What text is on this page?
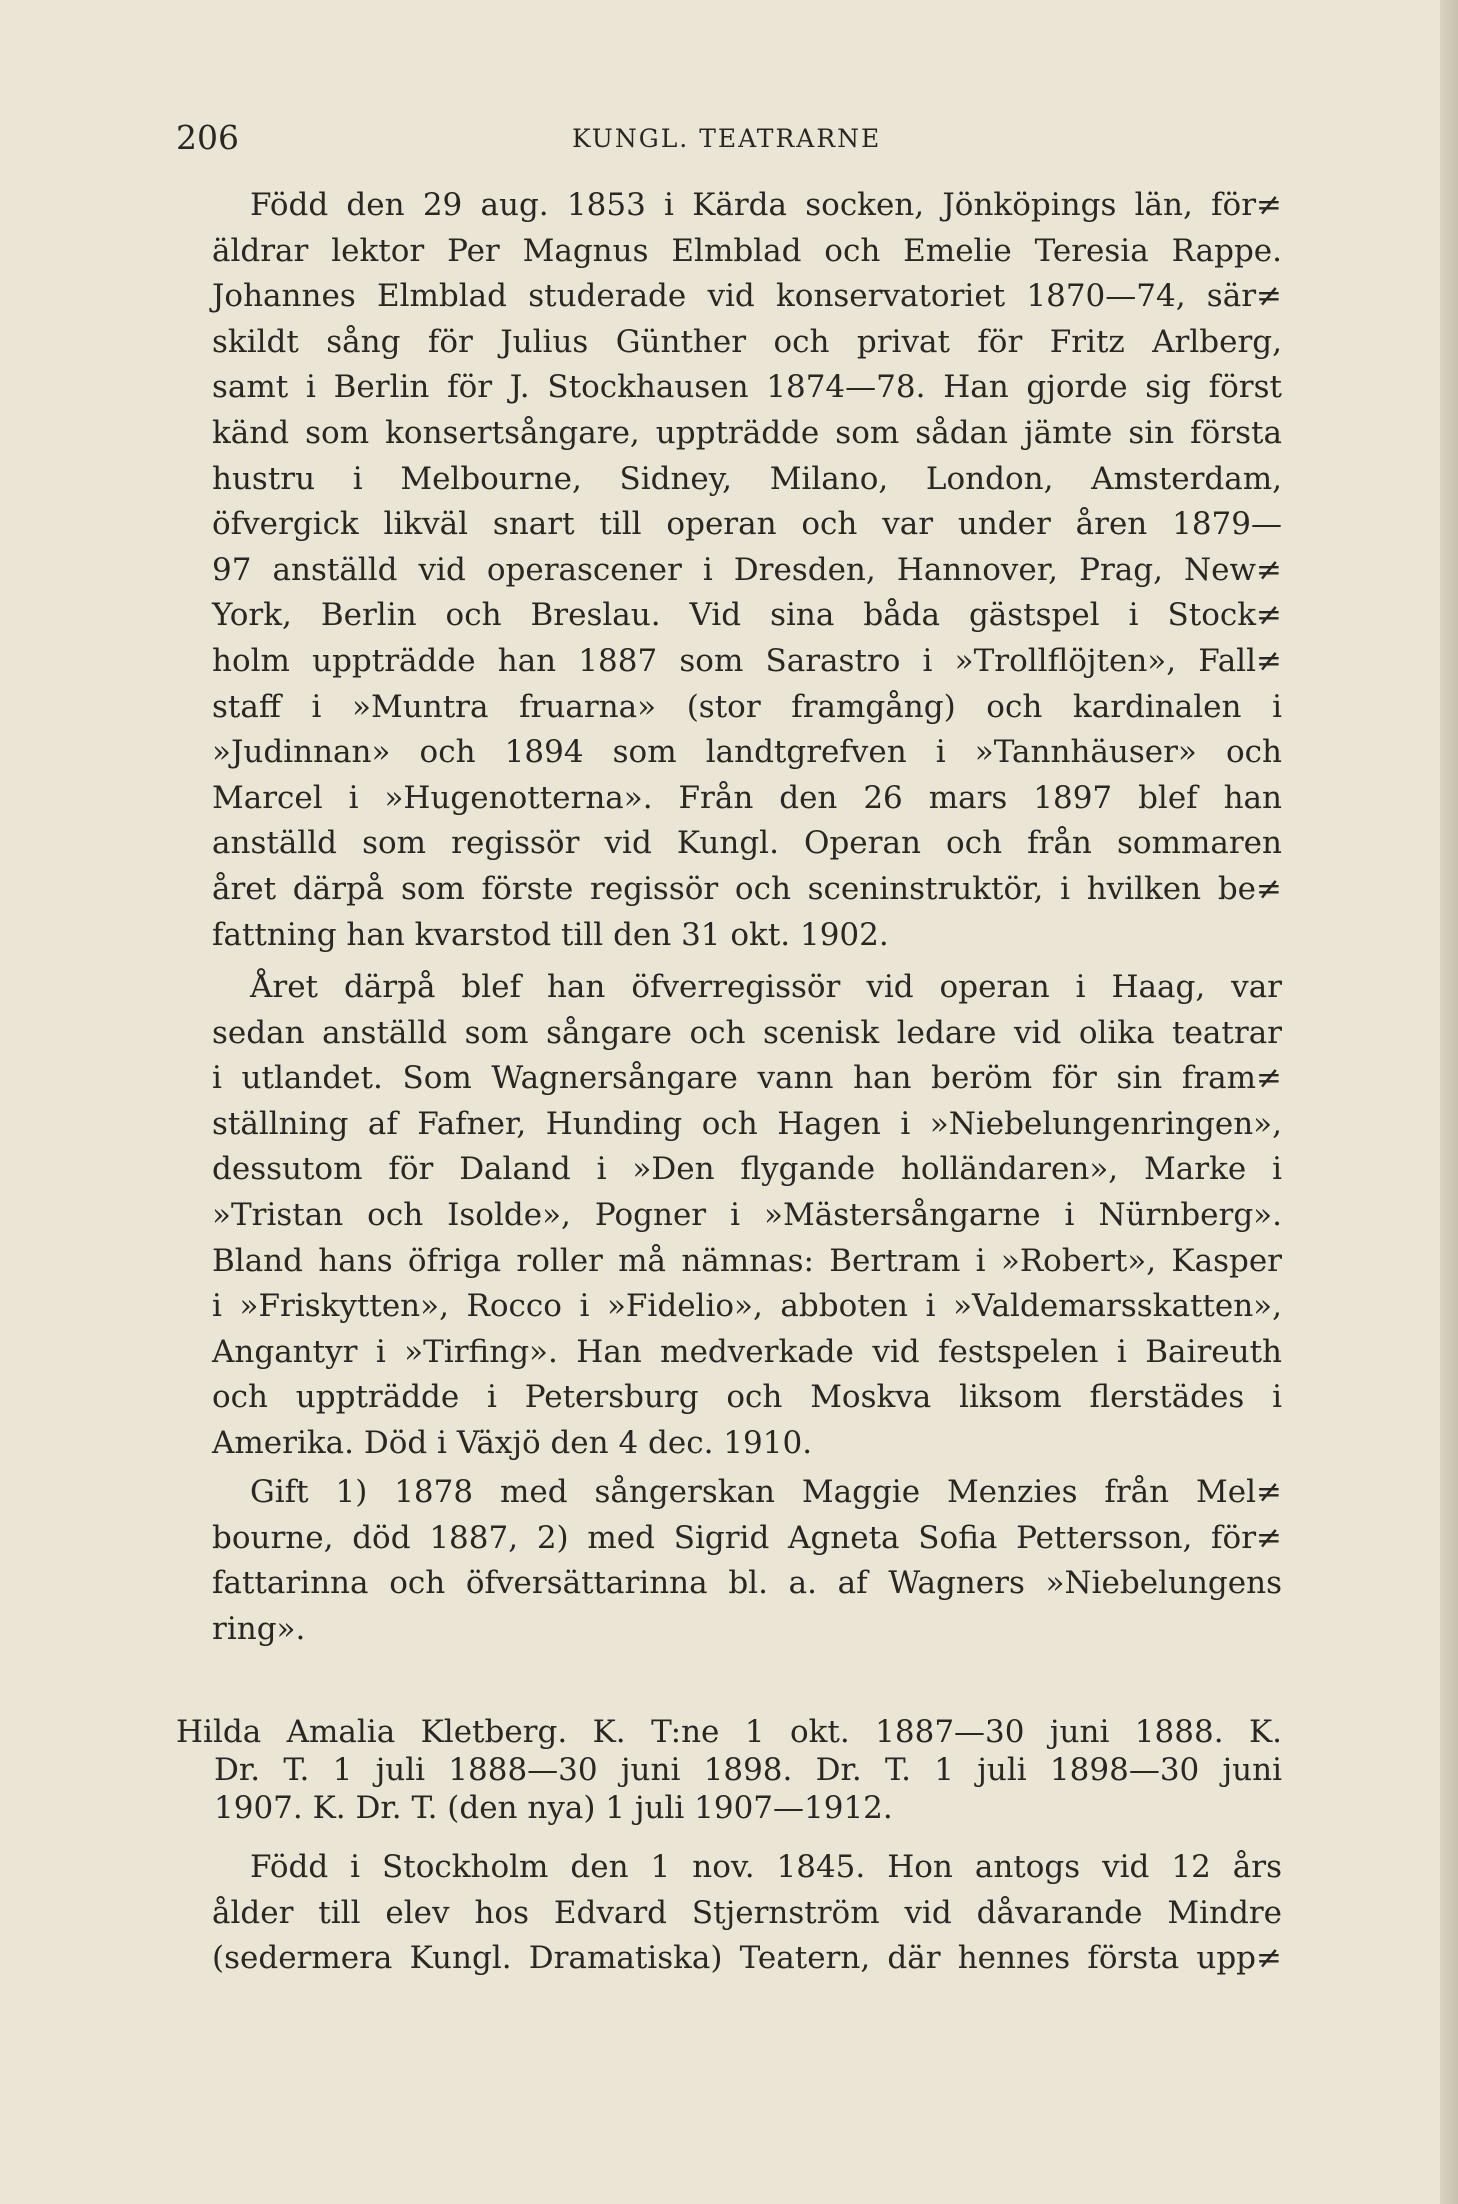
206	KUNGL. TEATRARNE
Född den 29 aug. 1853 i Kärda socken, Jönköpings län, för≠
äldrar lektor Per Magnus Elmblad och Emelie Teresia Rappe.
Johannes Elmblad studerade vid konservatoriet 1870—74, sär≠
skildt sång för Julius Günther och privat för Fritz Arlberg,
samt i Berlin för J. Stockhausen 1874—78. Han gjorde sig först
känd som konsertsångare, uppträdde som sådan jämte sin första
hustru i Melbourne, Sidney, Milano, London, Amsterdam,
öfvergick likväl snart till operan och var under åren 1879—
97 anställd vid operascener i Dresden, Hannover, Prag, New≠
York, Berlin och Breslau. Vid sina båda gästspel i Stock≠
holm uppträdde han 1887 som Sarastro i »Trollflöjten», Fall≠
staff i »Muntra fruarna» (stor framgång) och kardinalen i
»Judinnan» och 1894 som landtgrefven i »Tannhäuser» och
Marcel i »Hugenotterna». Från den 26 mars 1897 blef han
anställd som regissör vid Kungl. Operan och från sommaren
året därpå som förste regissör och sceninstruktör, i hvilken be≠
fattning han kvarstod till den 31 okt. 1902.
Året därpå blef han öfverregissör vid operan i Haag, var
sedan anställd som sångare och scenisk ledare vid olika teatrar
i utlandet. Som Wagnersångare vann han beröm för sin fram≠
ställning af Fafner, Hunding och Hagen i »Niebelungenringen»,
dessutom för Daland i »Den flygande holländaren», Marke i
»Tristan och Isolde», Pogner i »Mästersångarne i Nürnberg».
Bland hans öfriga roller må nämnas: Bertram i »Robert», Kasper
i »Friskytten», Rocco i »Fidelio», abboten i »Valdemarsskatten»,
Angantyr i »Tirfing». Han medverkade vid festspelen i Baireuth
och uppträdde i Petersburg och Moskva liksom flerstädes i
Amerika. Död i Växjö den 4 dec. 1910.
Gift 1) 1878 med sångerskan Maggie Menzies från Mel≠
bourne, död 1887, 2) med Sigrid Agneta Sofia Pettersson, för≠
fattarinna och öfversättarinna bl. a. af Wagners »Niebelungens
ring».
Hilda Amalia Kletberg. K. T:ne 1 okt. 1887—30 juni 1888. K.
Dr. T. 1 juli 1888—30 juni 1898. Dr. T. 1 juli 1898—30 juni
1907. K. Dr. T. (den nya) 1 juli 1907—1912.
Född i Stockholm den 1 nov. 1845. Hon antogs vid 12 års
ålder till elev hos Edvard Stjernström vid dåvarande Mindre
(sedermera Kungl. Dramatiska) Teatern, där hennes första upp≠
